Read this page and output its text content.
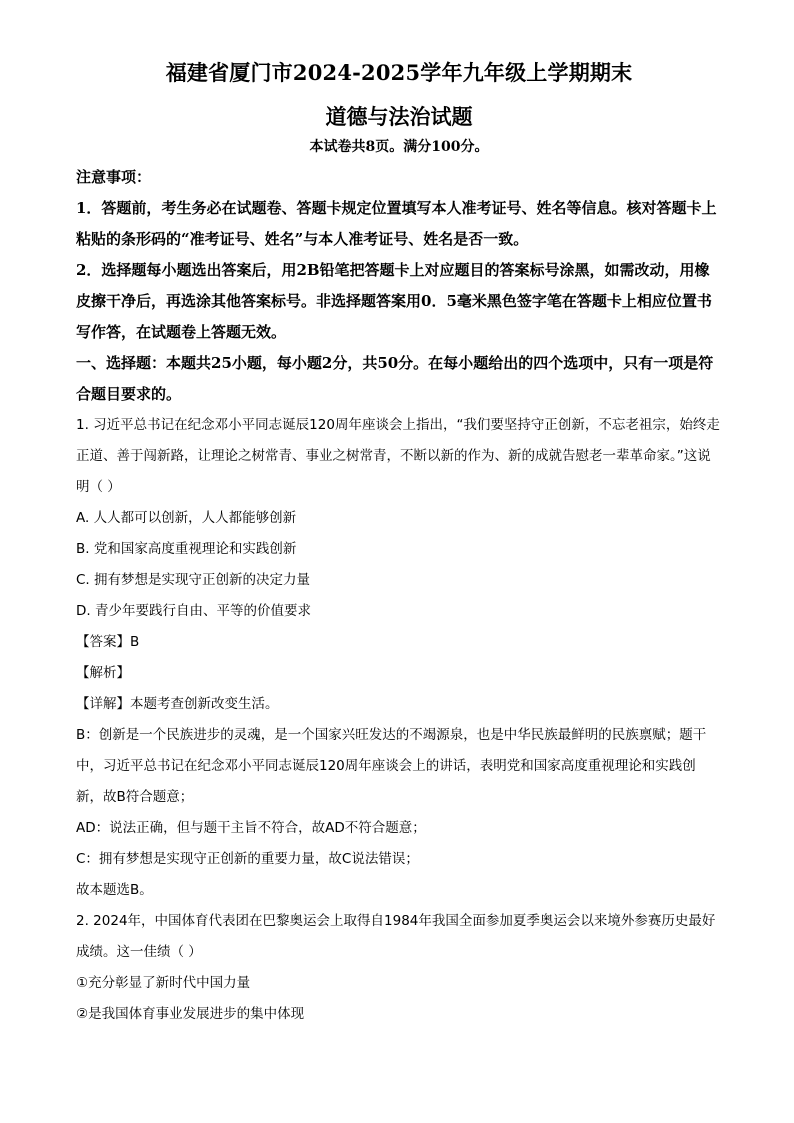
福建省厦门市2024-2025学年九年级上学期期末
道德与法治试题
本试卷共8页。满分100分。
注意事项：
1．答题前，考生务必在试题卷、答题卡规定位置填写本人准考证号、姓名等信息。核对答题卡上粘贴的条形码的“准考证号、姓名”与本人准考证号、姓名是否一致。
2．选择题每小题选出答案后，用2B铅笔把答题卡上对应题目的答案标号涂黑，如需改动，用橡皮擦干净后，再选涂其他答案标号。非选择题答案用0．5毫米黑色签字笔在答题卡上相应位置书写作答，在试题卷上答题无效。
一、选择题：本题共25小题，每小题2分，共50分。在每小题给出的四个选项中，只有一项是符合题目要求的。
1. 习近平总书记在纪念邓小平同志诞辰120周年座谈会上指出，“我们要坚持守正创新，不忘老祖宗，始终走正道、善于闯新路，让理论之树常青、事业之树常青，不断以新的作为、新的成就告慰老一辈革命家。”这说明（ ）
A. 人人都可以创新，人人都能够创新
B. 党和国家高度重视理论和实践创新
C. 拥有梦想是实现守正创新的决定力量
D. 青少年要践行自由、平等的价值要求
【答案】B
【解析】
【详解】本题考查创新改变生活。
B：创新是一个民族进步的灵魂，是一个国家兴旺发达的不竭源泉，也是中华民族最鲜明的民族禀赋；题干中，习近平总书记在纪念邓小平同志诞辰120周年座谈会上的讲话，表明党和国家高度重视理论和实践创新，故B符合题意；
AD：说法正确，但与题干主旨不符合，故AD不符合题意；
C：拥有梦想是实现守正创新的重要力量，故C说法错误；
故本题选B。
2. 2024年，中国体育代表团在巴黎奥运会上取得自1984年我国全面参加夏季奥运会以来境外参赛历史最好成绩。这一佳绩（ ）
①充分彰显了新时代中国力量
②是我国体育事业发展进步的集中体现
